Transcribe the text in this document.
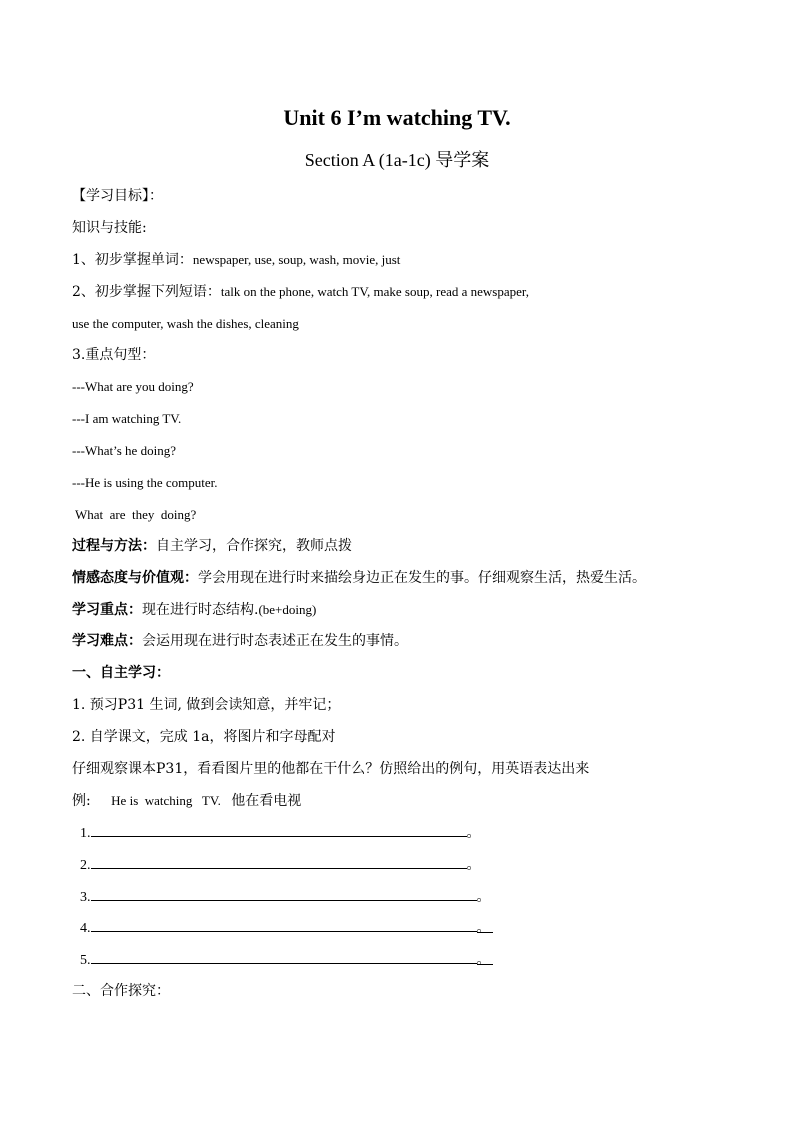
Unit 6 I’m watching TV.
Section A (1a-1c) 导学案
【学习目标】：
知识与技能:
1、初步掌握单词：newspaper, use, soup, wash, movie, just
2、初步掌握下列短语：talk on the phone, watch TV, make soup, read a newspaper,
use the computer, wash the dishes, cleaning
3.重点句型：
---What are you doing?
---I am watching TV.
---What’s he doing?
---He is using the computer.
What  are  they  doing?
过程与方法：自主学习，合作探究，教师点拨
情感态度与价值观：学会用现在进行时来描绘身边正在发生的事。仔细观察生活，热爱生活。
学习重点：现在进行时态结构.(be+doing)
学习难点：会运用现在进行时态表述正在发生的事情。
一、自主学习：
1. 预习P31 生词, 做到会读知意，并牢记；
2. 自学课文，完成 1a，将图片和字母配对
仔细观察课本P31，看看图片里的他都在干什么？仿照给出的例句，用英语表达出来
例: He is  watching   TV. 他在看电视
1.	。
2.	。
3.	。
4.	。
5.	。
二、合作探究：
